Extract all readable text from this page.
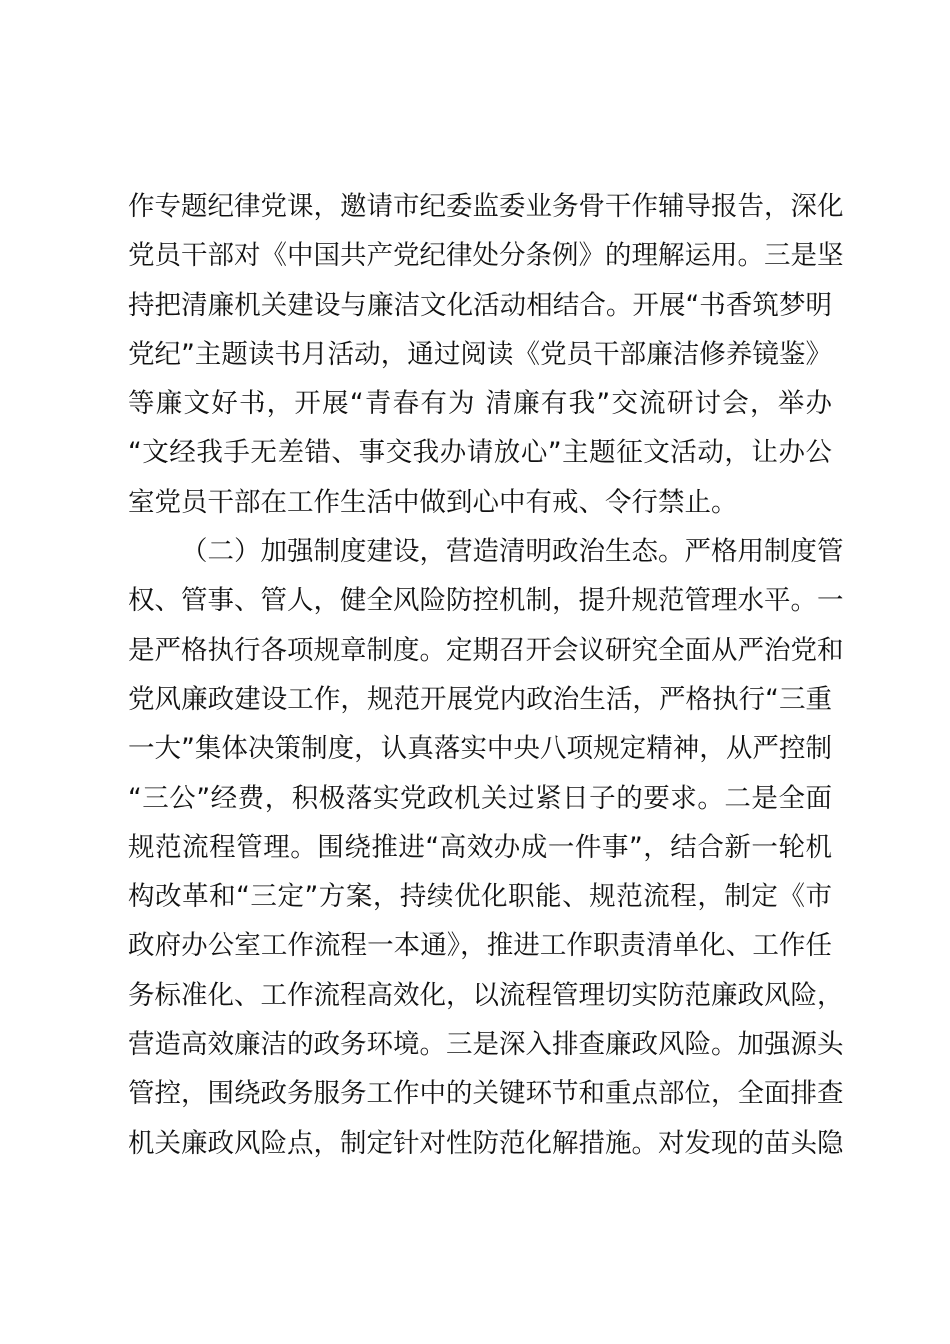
作专题纪律党课，邀请市纪委监委业务骨干作辅导报告，深化
党员干部对《中国共产党纪律处分条例》的理解运用。三是坚
持把清廉机关建设与廉洁文化活动相结合。开展“书香筑梦明
党纪”主题读书月活动，通过阅读《党员干部廉洁修养镜鉴》
等廉文好书，开展“青春有为 清廉有我”交流研讨会，举办
“文经我手无差错、事交我办请放心”主题征文活动，让办公
室党员干部在工作生活中做到心中有戒、令行禁止。
（二）加强制度建设，营造清明政治生态。严格用制度管
权、管事、管人，健全风险防控机制，提升规范管理水平。一
是严格执行各项规章制度。定期召开会议研究全面从严治党和
党风廉政建设工作，规范开展党内政治生活，严格执行“三重
一大”集体决策制度，认真落实中央八项规定精神，从严控制
“三公”经费，积极落实党政机关过紧日子的要求。二是全面
规范流程管理。围绕推进“高效办成一件事”，结合新一轮机
构改革和“三定”方案，持续优化职能、规范流程，制定《市
政府办公室工作流程一本通》，推进工作职责清单化、工作任
务标准化、工作流程高效化，以流程管理切实防范廉政风险，
营造高效廉洁的政务环境。三是深入排查廉政风险。加强源头
管控，围绕政务服务工作中的关键环节和重点部位，全面排查
机关廉政风险点，制定针对性防范化解措施。对发现的苗头隐
